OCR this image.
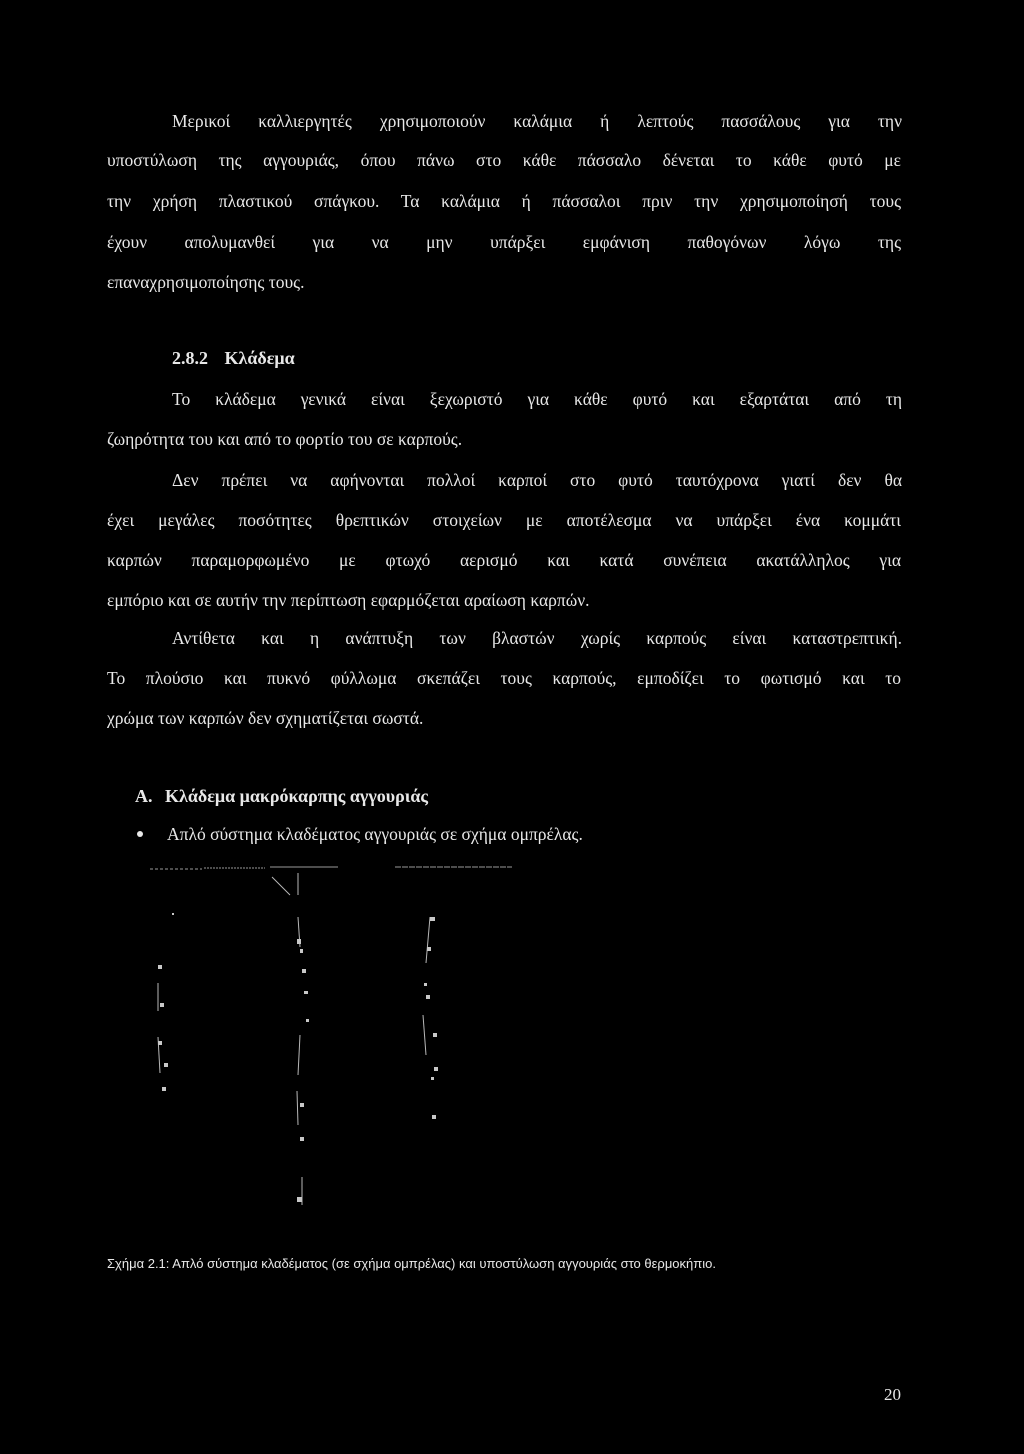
Μερικοί καλλιεργητές χρησιμοποιούν καλάμια ή λεπτούς πασσάλους για την
υποστύλωση της αγγουριάς, όπου πάνω στο κάθε πάσσαλο δένεται το κάθε φυτό με
την χρήση πλαστικού σπάγκου. Τα καλάμια ή πάσσαλοι πριν την χρησιμοποίησή τους
έχουν απολυμανθεί για να μην υπάρξει εμφάνιση παθογόνων λόγω της
επαναχρησιμοποίησης τους.
2.8.2 Κλάδεμα
Το κλάδεμα γενικά είναι ξεχωριστό για κάθε φυτό και εξαρτάται από τη
ζωηρότητα του και από το φορτίο του σε καρπούς.
Δεν πρέπει να αφήνονται πολλοί καρποί στο φυτό ταυτόχρονα γιατί δεν θα
έχει μεγάλες ποσότητες θρεπτικών στοιχείων με αποτέλεσμα να υπάρξει ένα κομμάτι
καρπών παραμορφωμένο με φτωχό αερισμό και κατά συνέπεια ακατάλληλος για
εμπόριο και σε αυτήν την περίπτωση εφαρμόζεται αραίωση καρπών.
Αντίθετα και η ανάπτυξη των βλαστών χωρίς καρπούς είναι καταστρεπτική.
Το πλούσιο και πυκνό φύλλωμα σκεπάζει τους καρπούς, εμποδίζει το φωτισμό και το
χρώμα των καρπών δεν σχηματίζεται σωστά.
Α. Κλάδεμα μακρόκαρπης αγγουριάς
Απλό σύστημα κλαδέματος αγγουριάς σε σχήμα ομπρέλας.
Σχήμα 2.1: Απλό σύστημα κλαδέματος (σε σχήμα ομπρέλας) και υποστύλωση αγγουριάς στο θερμοκήπιο.
20
